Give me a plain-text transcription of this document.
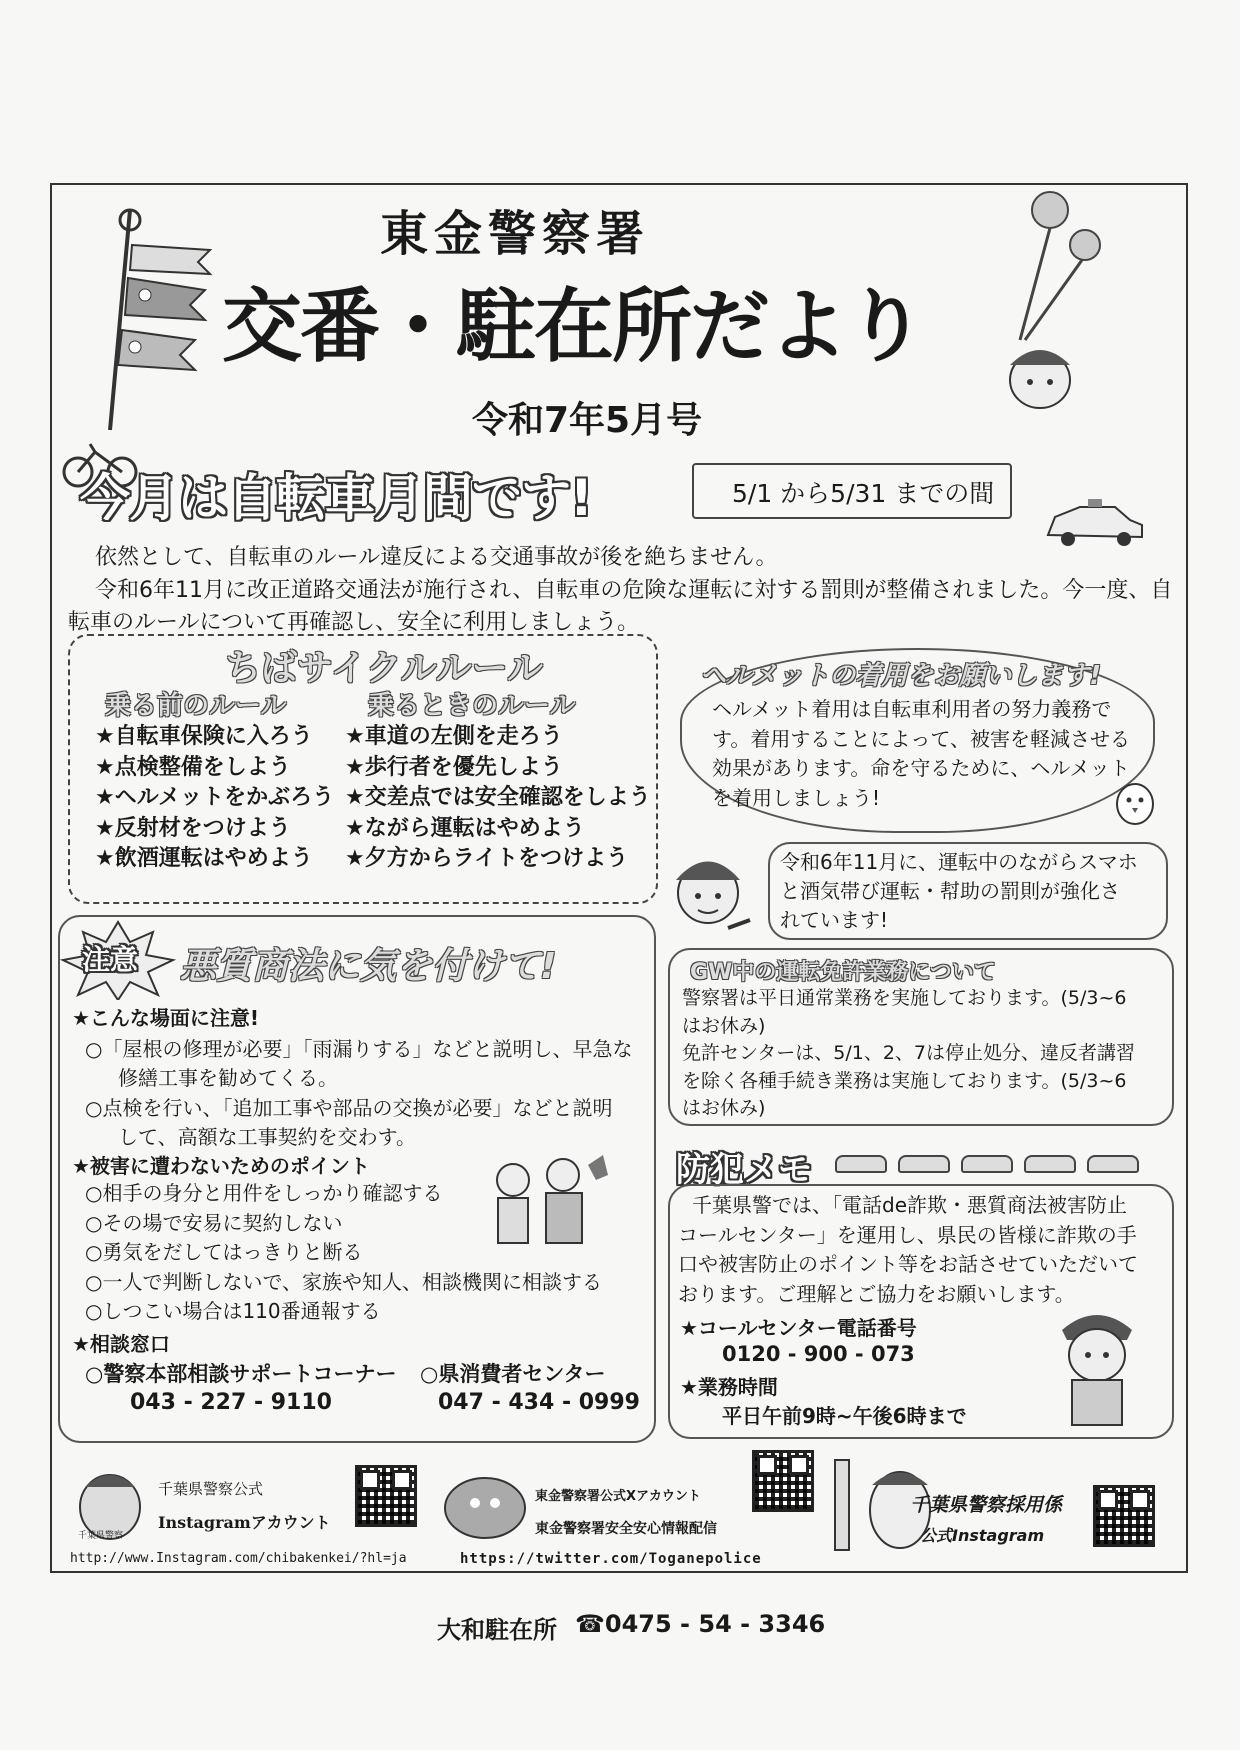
東金警察署
交番・駐在所だより
令和7年5月号
今月は自転車月間です!	5/1 から5/31 までの間
依然として、自転車のルール違反による交通事故が後を絶ちません。
令和6年11月に改正道路交通法が施行され、自転車の危険な運転に対する罰則が整備されました。今一度、自
転車のルールについて再確認し、安全に利用しましょう。
ちばサイクルルール
乗る前のルール	乗るときのルール
★自転車保険に入ろう
★点検整備をしよう
★ヘルメットをかぶろう
★反射材をつけよう
★飲酒運転はやめよう
★車道の左側を走ろう
★歩行者を優先しよう
★交差点では安全確認をしよう
★ながら運転はやめよう
★夕方からライトをつけよう
ヘルメットの着用をお願いします!
ヘルメット着用は自転車利用者の努力義務で
す。着用することによって、被害を軽減させる
効果があります。命を守るために、ヘルメット
を着用しましょう!
令和6年11月に、運転中のながらスマホ
と酒気帯び運転・幇助の罰則が強化さ
れています!
注意 悪質商法に気を付けて!
★こんな場面に注意!
○「屋根の修理が必要」「雨漏りする」などと説明し、早急な
修繕工事を勧めてくる。
○点検を行い、「追加工事や部品の交換が必要」などと説明
して、高額な工事契約を交わす。
★被害に遭わないためのポイント
○相手の身分と用件をしっかり確認する
○その場で安易に契約しない
○勇気をだしてはっきりと断る
○一人で判断しないで、家族や知人、相談機関に相談する
○しつこい場合は110番通報する
★相談窓口
○警察本部相談サポートコーナー
043 - 227 - 9110
○県消費者センター
047 - 434 - 0999
GW中の運転免許業務について
警察署は平日通常業務を実施しております。(5/3~6
はお休み)
免許センターは、5/1、2、7は停止処分、違反者講習
を除く各種手続き業務は実施しております。(5/3~6
はお休み)
防犯メモ
千葉県警では、「電話de詐欺・悪質商法被害防止
コールセンター」を運用し、県民の皆様に詐欺の手
口や被害防止のポイント等をお話させていただいて
おります。ご理解とご協力をお願いします。
★コールセンター電話番号
0120 - 900 - 073
★業務時間
平日午前9時~午後6時まで
千葉県警察
千葉県警察公式
Instagramアカウント
http://www.Instagram.com/chibakenkei/?hl=ja
東金警察署公式Xアカウント
東金警察署安全安心情報配信
https://twitter.com/Toganepolice
千葉県警察採用係
公式Instagram
大和駐在所 ☎0475 - 54 - 3346
